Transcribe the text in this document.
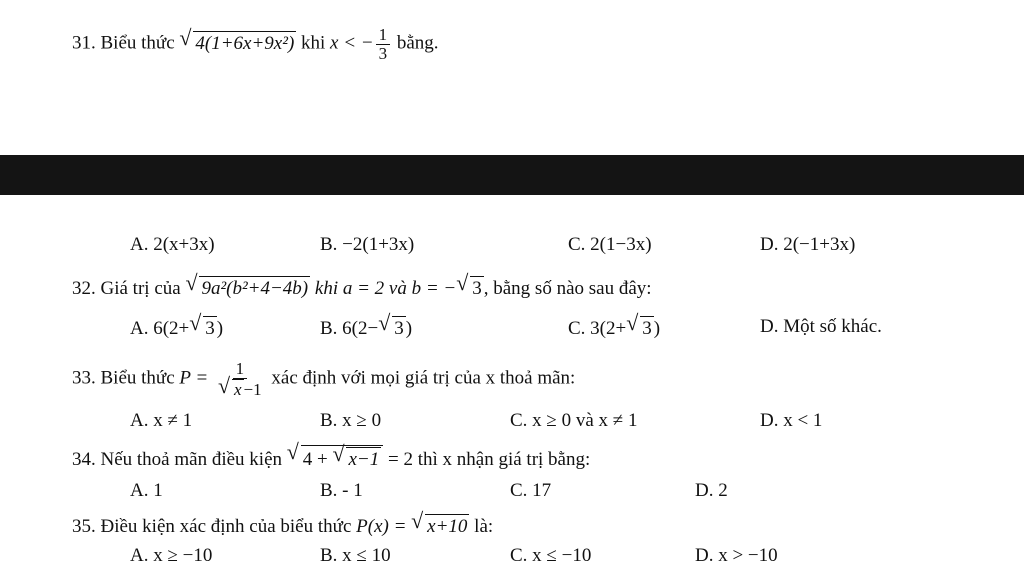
31. Biểu thức √ 4(1+6x+9x²) khi x < − $\frac{1}{3}$ bằng.
A. 2(x+3x)	B. −2(1+3x)	C. 2(1−3x)	D. 2(−1+3x)
32. Giá trị của √ 9a²(b²+4−4b) khi a = 2 và b = − √ 3 , bằng số nào sau đây:
A. 6(2+ √ 3 )	B. 6(2− √ 3 )	C. 3(2+ √ 3 )	D. Một số khác.
33. Biểu thức $P = \frac{1}{√ x -1}$ xác định với mọi giá trị của x thoả mãn:
A. x ≠ 1	B. x ≥ 0	C. x ≥ 0 và x ≠ 1	D. x < 1
34. Nếu thoả mãn điều kiện √ 4 + √ x−1 = 2 thì x nhận giá trị bằng:
A. 1	B. - 1	C. 17	D. 2
35. Điều kiện xác định của biểu thức P(x) = √ x+10 là:
A. x ≥ −10	B. x ≤ 10	C. x ≤ −10	D. x > −10
